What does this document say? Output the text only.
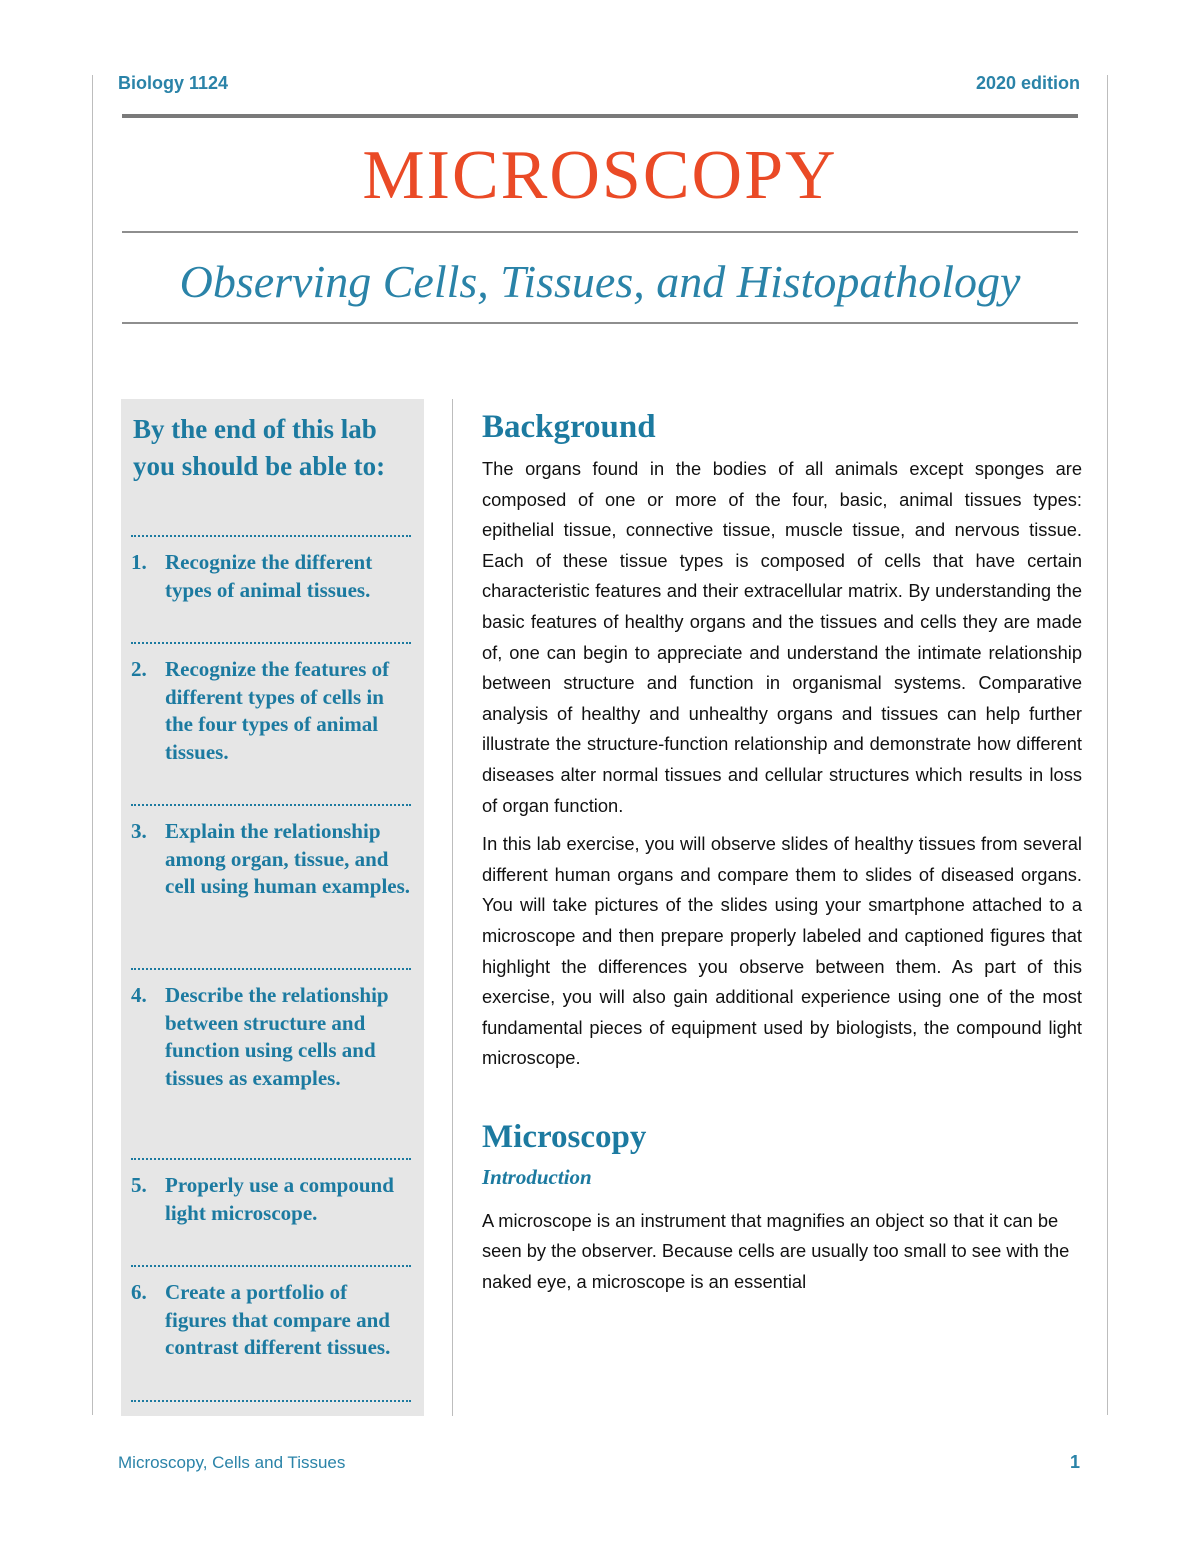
Biology 1124	2020 edition
MICROSCOPY
Observing Cells, Tissues, and Histopathology
By the end of this lab you should be able to:
1. Recognize the different types of animal tissues.
2. Recognize the features of different types of cells in the four types of animal tissues.
3. Explain the relationship among organ, tissue, and cell using human examples.
4. Describe the relationship between structure and function using cells and tissues as examples.
5. Properly use a compound light microscope.
6. Create a portfolio of figures that compare and contrast different tissues.
Background

The organs found in the bodies of all animals except sponges are composed of one or more of the four, basic, animal tissues types: epithelial tissue, connective tissue, muscle tissue, and nervous tissue. Each of these tissue types is composed of cells that have certain characteristic features and their extracellular matrix. By understanding the basic features of healthy organs and the tissues and cells they are made of, one can begin to appreciate and understand the intimate relationship between structure and function in organismal systems. Comparative analysis of healthy and unhealthy organs and tissues can help further illustrate the structure-function relationship and demonstrate how different diseases alter normal tissues and cellular structures which results in loss of organ function.

In this lab exercise, you will observe slides of healthy tissues from several different human organs and compare them to slides of diseased organs. You will take pictures of the slides using your smartphone attached to a microscope and then prepare properly labeled and captioned figures that highlight the differences you observe between them. As part of this exercise, you will also gain additional experience using one of the most fundamental pieces of equipment used by biologists, the compound light microscope.

Microscopy
Introduction

A microscope is an instrument that magnifies an object so that it can be seen by the observer. Because cells are usually too small to see with the naked eye, a microscope is an essential

Microscopy, Cells and Tissues	1
